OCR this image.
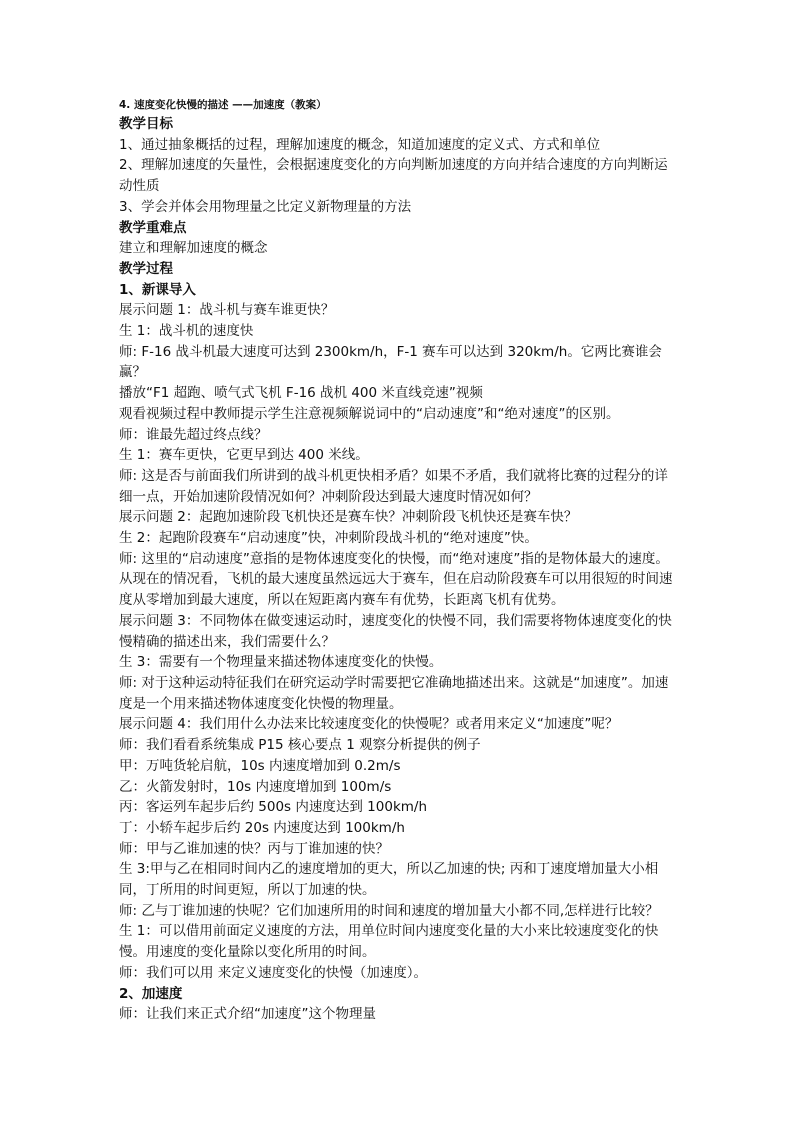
4. 速度变化快慢的描述 ——加速度（教案）
教学目标
1、通过抽象概括的过程，理解加速度的概念，知道加速度的定义式、方式和单位
2、理解加速度的矢量性，会根据速度变化的方向判断加速度的方向并结合速度的方向判断运动性质
3、学会并体会用物理量之比定义新物理量的方法
教学重难点
建立和理解加速度的概念
教学过程
1、新课导入
展示问题 1：战斗机与赛车谁更快？
生 1：战斗机的速度快
师: F-16 战斗机最大速度可达到 2300km/h，F-1 赛车可以达到 320km/h。它两比赛谁会赢？
播放“F1 超跑、喷气式飞机 F-16 战机 400 米直线竞速”视频
观看视频过程中教师提示学生注意视频解说词中的“启动速度”和“绝对速度”的区别。
师：谁最先超过终点线？
生 1：赛车更快，它更早到达 400 米线。
师: 这是否与前面我们所讲到的战斗机更快相矛盾？如果不矛盾，我们就将比赛的过程分的详细一点，开始加速阶段情况如何？冲刺阶段达到最大速度时情况如何？
展示问题 2：起跑加速阶段飞机快还是赛车快？冲刺阶段飞机快还是赛车快？
生 2：起跑阶段赛车“启动速度”快，冲刺阶段战斗机的“绝对速度”快。
师: 这里的“启动速度”意指的是物体速度变化的快慢，而“绝对速度”指的是物体最大的速度。从现在的情况看，飞机的最大速度虽然远远大于赛车，但在启动阶段赛车可以用很短的时间速度从零增加到最大速度，所以在短距离内赛车有优势，长距离飞机有优势。
展示问题 3：不同物体在做变速运动时，速度变化的快慢不同，我们需要将物体速度变化的快慢精确的描述出来，我们需要什么？
生 3：需要有一个物理量来描述物体速度变化的快慢。
师: 对于这种运动特征我们在研究运动学时需要把它准确地描述出来。这就是“加速度”。加速度是一个用来描述物体速度变化快慢的物理量。
展示问题 4：我们用什么办法来比较速度变化的快慢呢？或者用来定义“加速度”呢？
师：我们看看系统集成 P15 核心要点 1 观察分析提供的例子
甲：万吨货轮启航，10s 内速度增加到 0.2m/s
乙：火箭发射时，10s 内速度增加到 100m/s
丙：客运列车起步后约 500s 内速度达到 100km/h
丁：小轿车起步后约 20s 内速度达到 100km/h
师：甲与乙谁加速的快？丙与丁谁加速的快？
生 3:甲与乙在相同时间内乙的速度增加的更大，所以乙加速的快; 丙和丁速度增加量大小相同，丁所用的时间更短，所以丁加速的快。
师: 乙与丁谁加速的快呢？它们加速所用的时间和速度的增加量大小都不同,怎样进行比较？
生 1：可以借用前面定义速度的方法，用单位时间内速度变化量的大小来比较速度变化的快慢。用速度的变化量除以变化所用的时间。
师：我们可以用 来定义速度变化的快慢（加速度）。
2、加速度
师：让我们来正式介绍“加速度”这个物理量
